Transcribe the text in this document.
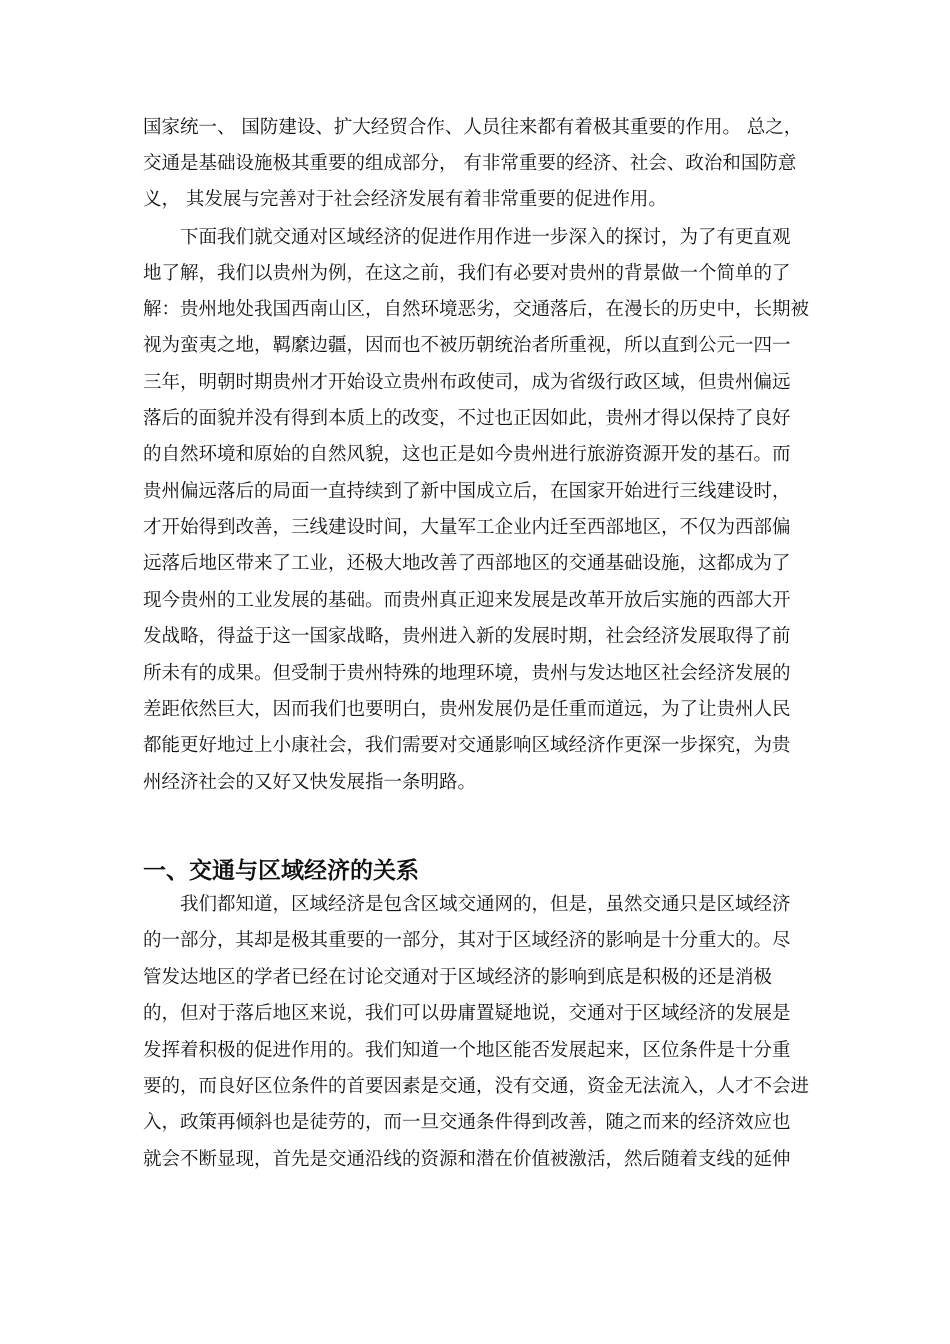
国家统一、 国防建设、扩大经贸合作、人员往来都有着极其重要的作用。 总之，
交通是基础设施极其重要的组成部分， 有非常重要的经济、社会、政治和国防意
义， 其发展与完善对于社会经济发展有着非常重要的促进作用。
下面我们就交通对区域经济的促进作用作进一步深入的探讨，为了有更直观
地了解，我们以贵州为例，在这之前，我们有必要对贵州的背景做一个简单的了
解：贵州地处我国西南山区，自然环境恶劣，交通落后，在漫长的历史中，长期被
视为蛮夷之地，羁縻边疆，因而也不被历朝统治者所重视，所以直到公元一四一
三年，明朝时期贵州才开始设立贵州布政使司，成为省级行政区域，但贵州偏远
落后的面貌并没有得到本质上的改变，不过也正因如此，贵州才得以保持了良好
的自然环境和原始的自然风貌，这也正是如今贵州进行旅游资源开发的基石。而
贵州偏远落后的局面一直持续到了新中国成立后，在国家开始进行三线建设时，
才开始得到改善，三线建设时间，大量军工企业内迁至西部地区，不仅为西部偏
远落后地区带来了工业，还极大地改善了西部地区的交通基础设施，这都成为了
现今贵州的工业发展的基础。而贵州真正迎来发展是改革开放后实施的西部大开
发战略，得益于这一国家战略，贵州进入新的发展时期，社会经济发展取得了前
所未有的成果。但受制于贵州特殊的地理环境，贵州与发达地区社会经济发展的
差距依然巨大，因而我们也要明白，贵州发展仍是任重而道远，为了让贵州人民
都能更好地过上小康社会，我们需要对交通影响区域经济作更深一步探究，为贵
州经济社会的又好又快发展指一条明路。
一、交通与区域经济的关系
我们都知道，区域经济是包含区域交通网的，但是，虽然交通只是区域经济
的一部分，其却是极其重要的一部分，其对于区域经济的影响是十分重大的。尽
管发达地区的学者已经在讨论交通对于区域经济的影响到底是积极的还是消极
的，但对于落后地区来说，我们可以毋庸置疑地说，交通对于区域经济的发展是
发挥着积极的促进作用的。我们知道一个地区能否发展起来，区位条件是十分重
要的，而良好区位条件的首要因素是交通，没有交通，资金无法流入，人才不会进
入，政策再倾斜也是徒劳的，而一旦交通条件得到改善，随之而来的经济效应也
就会不断显现，首先是交通沿线的资源和潜在价值被激活，然后随着支线的延伸
